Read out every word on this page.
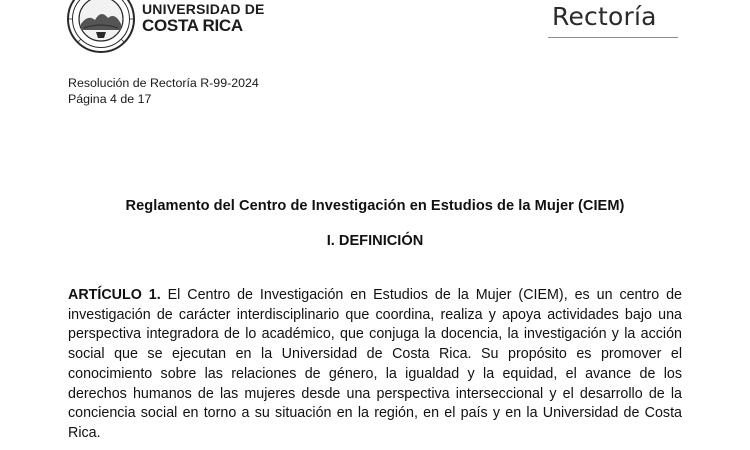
UNIVERSIDAD DE
COSTA RICA	Rectoría
Resolución de Rectoría R-99-2024
Página 4 de 17
Reglamento del Centro de Investigación en Estudios de la Mujer (CIEM)
I. DEFINICIÓN

ARTÍCULO 1. El Centro de Investigación en Estudios de la Mujer (CIEM), es un centro de investigación de carácter interdisciplinario que coordina, realiza y apoya actividades bajo una perspectiva integradora de lo académico, que conjuga la docencia, la investigación y la acción social que se ejecutan en la Universidad de Costa Rica. Su propósito es promover el conocimiento sobre las relaciones de género, la igualdad y la equidad, el avance de los derechos humanos de las mujeres desde una perspectiva interseccional y el desarrollo de la conciencia social en torno a su situación en la región, en el país y en la Universidad de Costa Rica.
